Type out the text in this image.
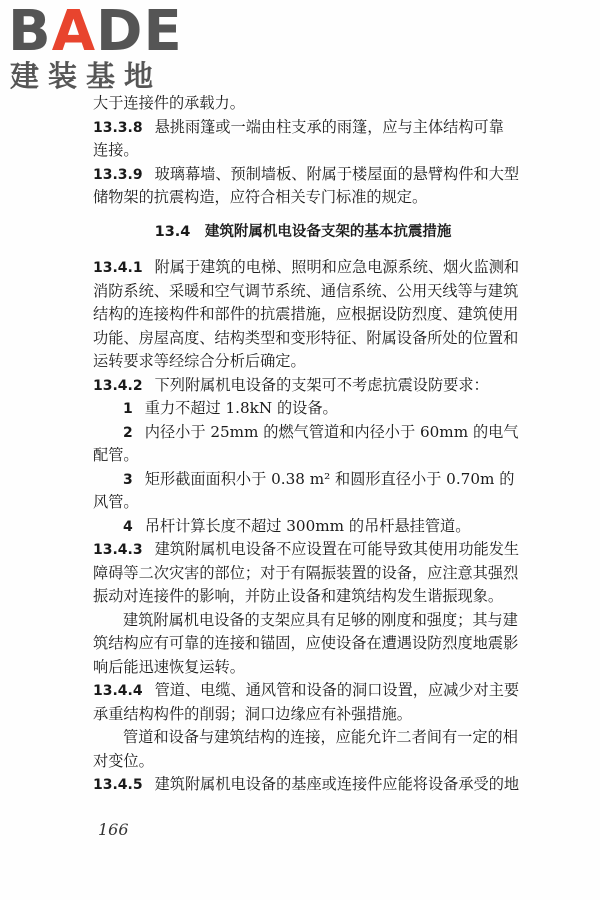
BADE
建装基地
大于连接件的承载力。
13.3.8 悬挑雨篷或一端由柱支承的雨篷，应与主体结构可靠
连接。
13.3.9 玻璃幕墙、预制墙板、附属于楼屋面的悬臂构件和大型
储物架的抗震构造，应符合相关专门标准的规定。
13.4　建筑附属机电设备支架的基本抗震措施
13.4.1 附属于建筑的电梯、照明和应急电源系统、烟火监测和
消防系统、采暖和空气调节系统、通信系统、公用天线等与建筑
结构的连接构件和部件的抗震措施，应根据设防烈度、建筑使用
功能、房屋高度、结构类型和变形特征、附属设备所处的位置和
运转要求等经综合分析后确定。
13.4.2 下列附属机电设备的支架可不考虑抗震设防要求：
1 重力不超过 1.8kN 的设备。
2 内径小于 25mm 的燃气管道和内径小于 60mm 的电气
配管。
3 矩形截面面积小于 0.38 m² 和圆形直径小于 0.70m 的
风管。
4 吊杆计算长度不超过 300mm 的吊杆悬挂管道。
13.4.3 建筑附属机电设备不应设置在可能导致其使用功能发生
障碍等二次灾害的部位；对于有隔振装置的设备，应注意其强烈
振动对连接件的影响，并防止设备和建筑结构发生谐振现象。
建筑附属机电设备的支架应具有足够的刚度和强度；其与建
筑结构应有可靠的连接和锚固，应使设备在遭遇设防烈度地震影
响后能迅速恢复运转。
13.4.4 管道、电缆、通风管和设备的洞口设置，应减少对主要
承重结构构件的削弱；洞口边缘应有补强措施。
管道和设备与建筑结构的连接，应能允许二者间有一定的相
对变位。
13.4.5 建筑附属机电设备的基座或连接件应能将设备承受的地
166
